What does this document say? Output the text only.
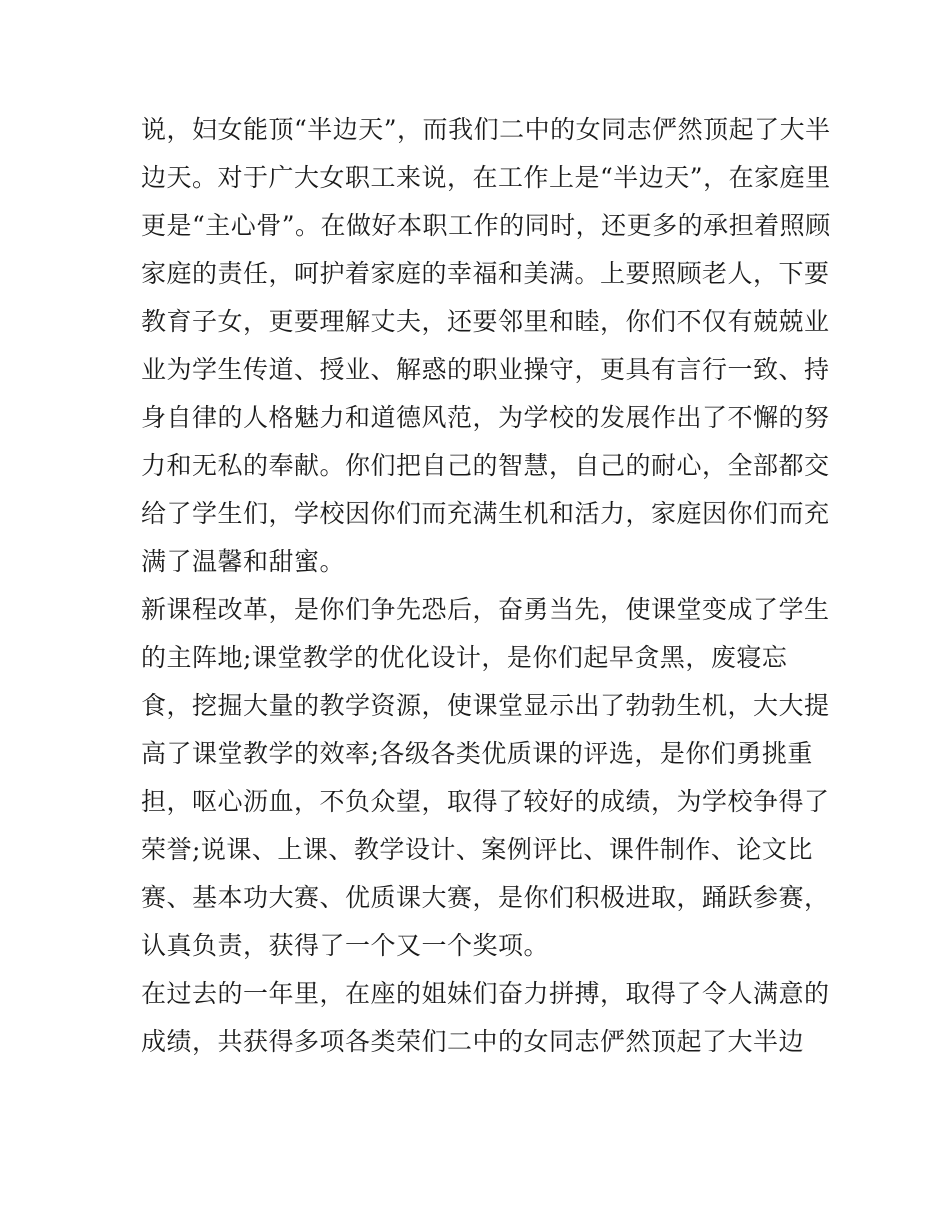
说，妇女能顶“半边天”，而我们二中的女同志俨然顶起了大半
边天。对于广大女职工来说，在工作上是“半边天”，在家庭里
更是“主心骨”。在做好本职工作的同时，还更多的承担着照顾
家庭的责任，呵护着家庭的幸福和美满。上要照顾老人，下要
教育子女，更要理解丈夫，还要邻里和睦，你们不仅有兢兢业
业为学生传道、授业、解惑的职业操守，更具有言行一致、持
身自律的人格魅力和道德风范，为学校的发展作出了不懈的努
力和无私的奉献。你们把自己的智慧，自己的耐心，全部都交
给了学生们，学校因你们而充满生机和活力，家庭因你们而充
满了温馨和甜蜜。
新课程改革，是你们争先恐后，奋勇当先，使课堂变成了学生
的主阵地;课堂教学的优化设计，是你们起早贪黑，废寝忘
食，挖掘大量的教学资源，使课堂显示出了勃勃生机，大大提
高了课堂教学的效率;各级各类优质课的评选，是你们勇挑重
担，呕心沥血，不负众望，取得了较好的成绩，为学校争得了
荣誉;说课、上课、教学设计、案例评比、课件制作、论文比
赛、基本功大赛、优质课大赛，是你们积极进取，踊跃参赛，
认真负责，获得了一个又一个奖项。
在过去的一年里，在座的姐妹们奋力拼搏，取得了令人满意的
成绩，共获得多项各类荣们二中的女同志俨然顶起了大半边
